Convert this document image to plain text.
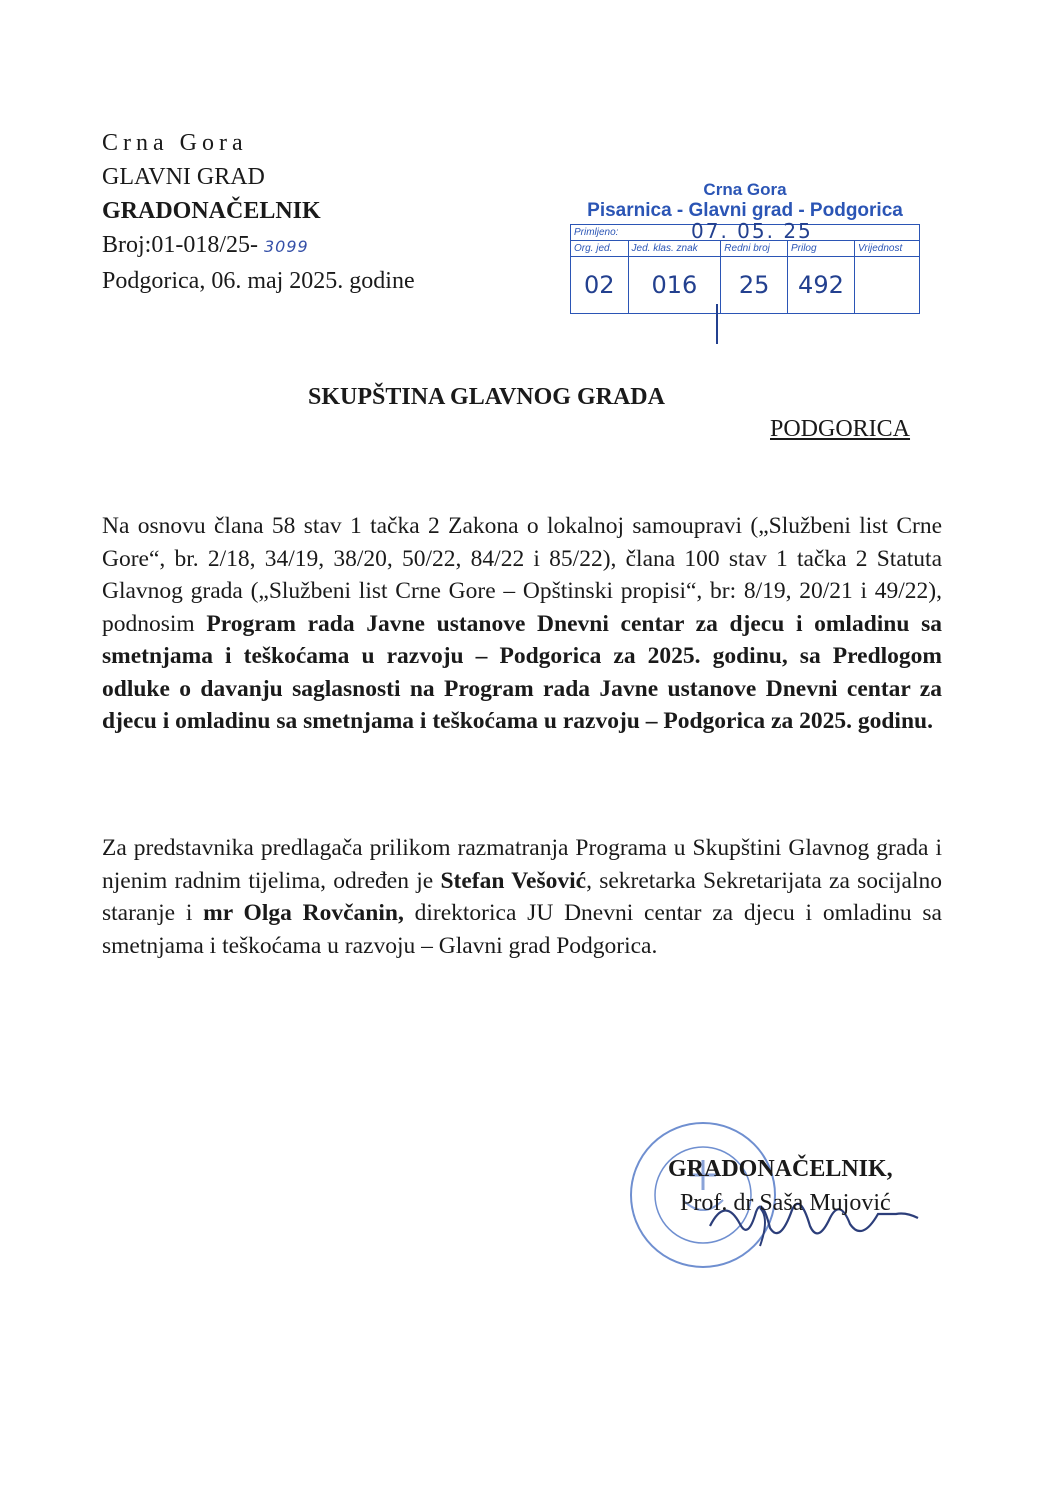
Crna Gora
GLAVNI GRAD
GRADONAČELNIK
Broj:01-018/25- 3099
Podgorica, 06. maj 2025. godine
Crna Gora
Pisarnica - Glavni grad - Podgorica
Primljeno: 07. 05. 25				

Org. jed.	Jed. klas. znak	Redni broj	Prilog	Vrijednost
02	016	25	492	
SKUPŠTINA GLAVNOG GRADA
PODGORICA
Na osnovu člana 58 stav 1 tačka 2 Zakona o lokalnoj samoupravi („Službeni list Crne Gore“, br. 2/18, 34/19, 38/20, 50/22, 84/22 i 85/22), člana 100 stav 1 tačka 2 Statuta Glavnog grada („Službeni list Crne Gore – Opštinski propisi“, br: 8/19, 20/21 i 49/22), podnosim Program rada Javne ustanove Dnevni centar za djecu i omladinu sa smetnjama i teškoćama u razvoju – Podgorica za 2025. godinu, sa Predlogom odluke o davanju saglasnosti na Program rada Javne ustanove Dnevni centar za djecu i omladinu sa smetnjama i teškoćama u razvoju – Podgorica za 2025. godinu.
Za predstavnika predlagača prilikom razmatranja Programa u Skupštini Glavnog grada i njenim radnim tijelima, određen je Stefan Vešović, sekretarka Sekretarijata za socijalno staranje i mr Olga Rovčanin, direktorica JU Dnevni centar za djecu i omladinu sa smetnjama i teškoćama u razvoju – Glavni grad Podgorica.
GRADONAČELNIK,
Prof. dr Saša Mujović
